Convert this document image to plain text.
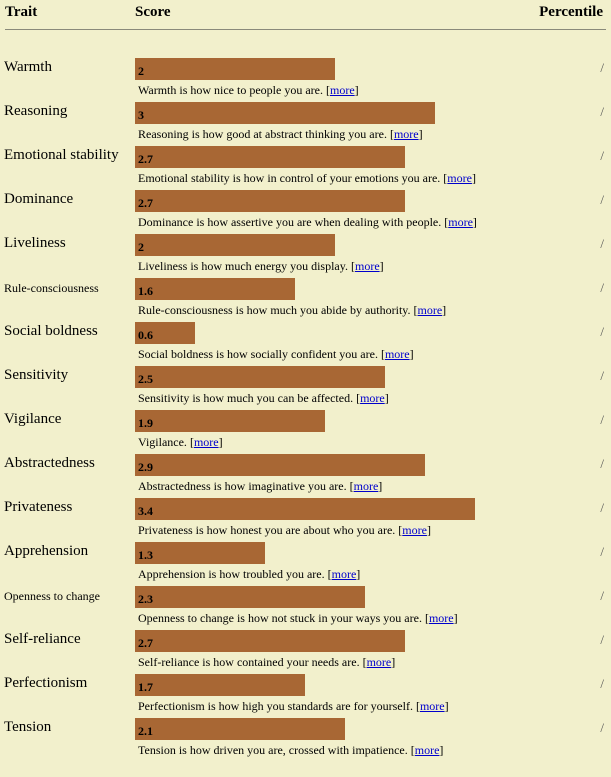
Trait	Score	Percentile
Warmth	2
Warmth is how nice to people you are. [more]
/
Reasoning	3
Reasoning is how good at abstract thinking you are. [more]
/
Emotional stability	2.7
Emotional stability is how in control of your emotions you are. [more]
/
Dominance	2.7
Dominance is how assertive you are when dealing with people. [more]
/
Liveliness	2
Liveliness is how much energy you display. [more]
/
Rule-consciousness	1.6
Rule-consciousness is how much you abide by authority. [more]
/
Social boldness	0.6
Social boldness is how socially confident you are. [more]
/
Sensitivity	2.5
Sensitivity is how much you can be affected. [more]
/
Vigilance	1.9
Vigilance. [more]
/
Abstractedness	2.9
Abstractedness is how imaginative you are. [more]
/
Privateness	3.4
Privateness is how honest you are about who you are. [more]
/
Apprehension	1.3
Apprehension is how troubled you are. [more]
/
Openness to change	2.3
Openness to change is how not stuck in your ways you are. [more]
/
Self-reliance	2.7
Self-reliance is how contained your needs are. [more]
/
Perfectionism	1.7
Perfectionism is how high you standards are for yourself. [more]
/
Tension	2.1
Tension is how driven you are, crossed with impatience. [more]
/
